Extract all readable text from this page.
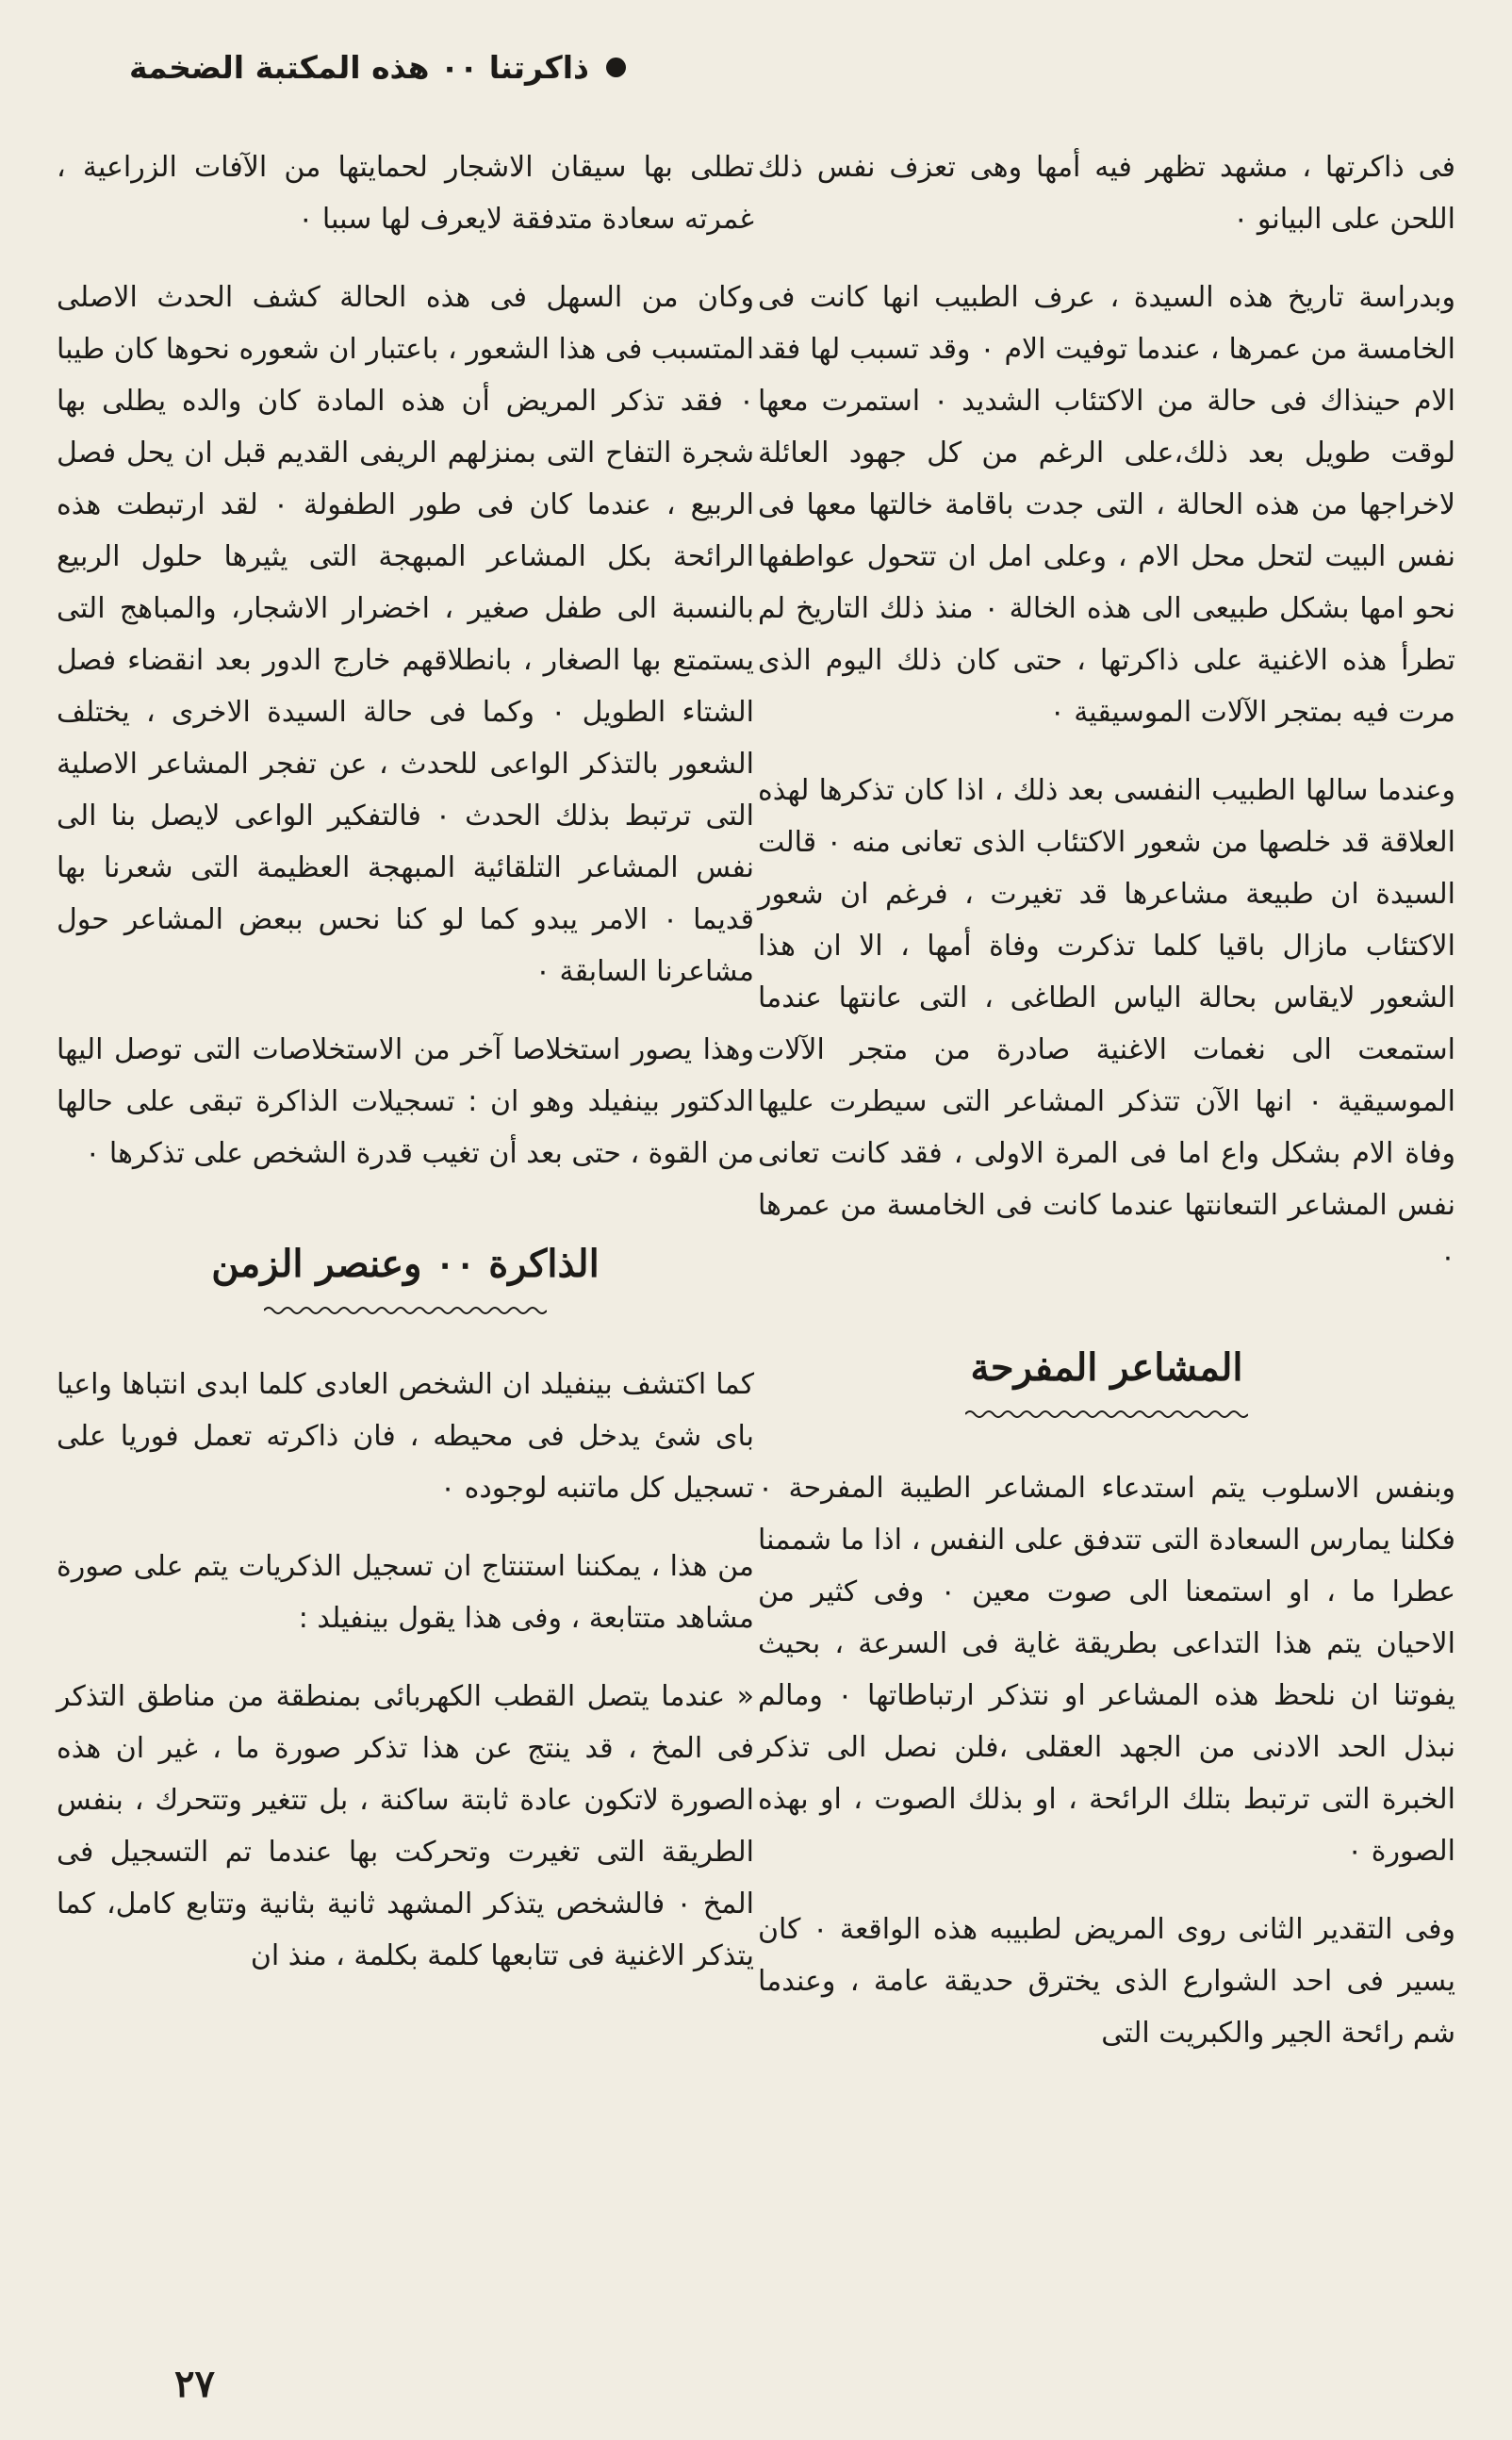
ذاكرتنا ٠٠ هذه المكتبة الضخمة

فى ذاكرتها ، مشهد تظهر فيه أمها وهى تعزف نفس ذلك اللحن على البيانو ٠

وبدراسة تاريخ هذه السيدة ، عرف الطبيب انها كانت فى الخامسة من عمرها ، عندما توفيت الام ٠ وقد تسبب لها فقد الام حينذاك فى حالة من الاكتئاب الشديد ٠ استمرت معها لوقت طويل بعد ذلك،على الرغم من كل جهود العائلة لاخراجها من هذه الحالة ، التى جدت باقامة خالتها معها فى نفس البيت لتحل محل الام ، وعلى امل ان تتحول عواطفها نحو امها بشكل طبيعى الى هذه الخالة ٠ منذ ذلك التاريخ لم تطرأ هذه الاغنية على ذاكرتها ، حتى كان ذلك اليوم الذى مرت فيه بمتجر الآلات الموسيقية ٠

وعندما سالها الطبيب النفسى بعد ذلك ، اذا كان تذكرها لهذه العلاقة قد خلصها من شعور الاكتئاب الذى تعانى منه ٠ قالت السيدة ان طبيعة مشاعرها قد تغيرت ، فرغم ان شعور الاكتئاب مازال باقيا كلما تذكرت وفاة أمها ، الا ان هذا الشعور لايقاس بحالة الياس الطاغى ، التى عانتها عندما استمعت الى نغمات الاغنية صادرة من متجر الآلات الموسيقية ٠ انها الآن تتذكر المشاعر التى سيطرت عليها وفاة الام بشكل واع اما فى المرة الاولى ، فقد كانت تعانى نفس المشاعر التىعانتها عندما كانت فى الخامسة من عمرها ٠

المشاعر المفرحة

وبنفس الاسلوب يتم استدعاء المشاعر الطيبة المفرحة ٠ فكلنا يمارس السعادة التى تتدفق على النفس ، اذا ما شممنا عطرا ما ، او استمعنا الى صوت معين ٠ وفى كثير من الاحيان يتم هذا التداعى بطريقة غاية فى السرعة ، بحيث يفوتنا ان نلحظ هذه المشاعر او نتذكر ارتباطاتها ٠ ومالم نبذل الحد الادنى من الجهد العقلى ،فلن نصل الى تذكر الخبرة التى ترتبط بتلك الرائحة ، او بذلك الصوت ، او بهذه الصورة ٠

وفى التقدير الثانى روى المريض لطبيبه هذه الواقعة ٠ كان يسير فى احد الشوارع الذى يخترق حديقة عامة ، وعندما شم رائحة الجير والكبريت التى

تطلى بها سيقان الاشجار لحمايتها من الآفات الزراعية ، غمرته سعادة متدفقة لايعرف لها سببا ٠

وكان من السهل فى هذه الحالة كشف الحدث الاصلى المتسبب فى هذا الشعور ، باعتبار ان شعوره نحوها كان طيبا ٠ فقد تذكر المريض أن هذه المادة كان والده يطلى بها شجرة التفاح التى بمنزلهم الريفى القديم قبل ان يحل فصل الربيع ، عندما كان فى طور الطفولة ٠ لقد ارتبطت هذه الرائحة بكل المشاعر المبهجة التى يثيرها حلول الربيع بالنسبة الى طفل صغير ، اخضرار الاشجار، والمباهج التى يستمتع بها الصغار ، بانطلاقهم خارج الدور بعد انقضاء فصل الشتاء الطويل ٠ وكما فى حالة السيدة الاخرى ، يختلف الشعور بالتذكر الواعى للحدث ، عن تفجر المشاعر الاصلية التى ترتبط بذلك الحدث ٠ فالتفكير الواعى لايصل بنا الى نفس المشاعر التلقائية المبهجة العظيمة التى شعرنا بها قديما ٠ الامر يبدو كما لو كنا نحس ببعض المشاعر حول مشاعرنا السابقة ٠

وهذا يصور استخلاصا آخر من الاستخلاصات التى توصل اليها الدكتور بينفيلد وهو ان : تسجيلات الذاكرة تبقى على حالها من القوة ، حتى بعد أن تغيب قدرة الشخص على تذكرها ٠

الذاكرة ٠٠ وعنصر الزمن

كما اكتشف بينفيلد ان الشخص العادى كلما ابدى انتباها واعيا باى شئ يدخل فى محيطه ، فان ذاكرته تعمل فوريا على تسجيل كل ماتنبه لوجوده ٠

من هذا ، يمكننا استنتاج ان تسجيل الذكريات يتم على صورة مشاهد متتابعة ، وفى هذا يقول بينفيلد :

« عندما يتصل القطب الكهربائى بمنطقة من مناطق التذكر فى المخ ، قد ينتج عن هذا تذكر صورة ما ، غير ان هذه الصورة لاتكون عادة ثابتة ساكنة ، بل تتغير وتتحرك ، بنفس الطريقة التى تغيرت وتحركت بها عندما تم التسجيل فى المخ ٠ فالشخص يتذكر المشهد ثانية بثانية وتتابع كامل، كما يتذكر الاغنية فى تتابعها كلمة بكلمة ، منذ ان

٢٧
